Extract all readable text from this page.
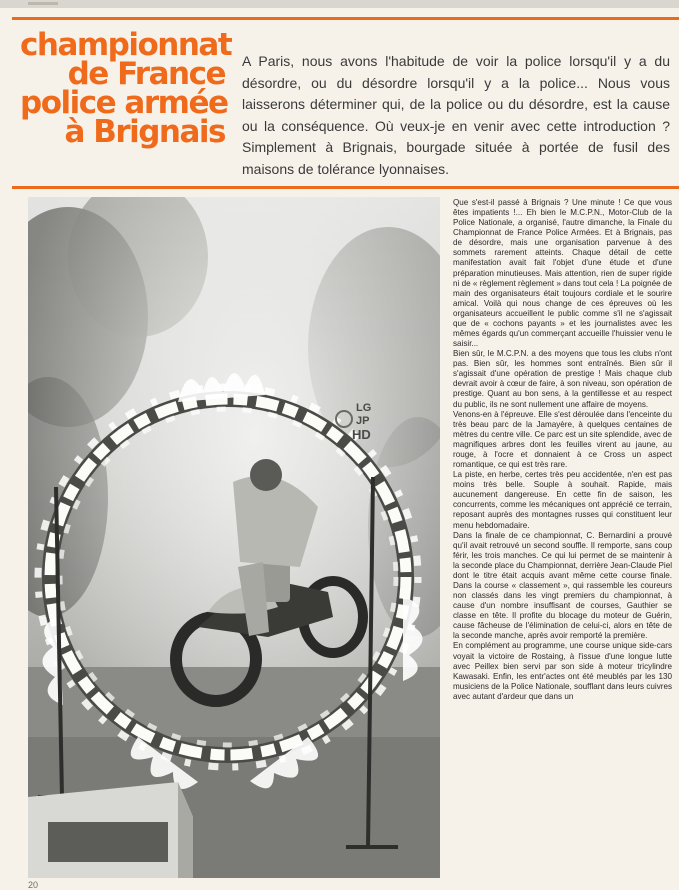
championnat
de France
police armée
à Brignais

A Paris, nous avons l'habitude de voir la police lorsqu'il y a du désordre, ou du désordre lorsqu'il y a la police... Nous vous laisserons déterminer qui, de la police ou du désordre, est la cause ou la conséquence. Où veux-je en venir avec cette introduction ? Simplement à Brignais, bourgade située à portée de fusil des maisons de tolérance lyonnaises.

LG
JP
HD

Que s'est-il passé à Brignais ? Une minute ! Ce que vous êtes impatients !... Eh bien le M.C.P.N., Motor-Club de la Police Nationale, a organisé, l'autre dimanche, la Finale du Championnat de France Police Armées. Et à Brignais, pas de désordre, mais une organisation parvenue à des sommets rarement atteints. Chaque détail de cette manifestation avait fait l'objet d'une étude et d'une préparation minutieuses. Mais attention, rien de super rigide ni de « règlement règlement » dans tout cela ! La poignée de main des organisateurs était toujours cordiale et le sourire amical. Voilà qui nous change de ces épreuves où les organisateurs accueillent le public comme s'il ne s'agissait que de « cochons payants » et les journalistes avec les mêmes égards qu'un commerçant accueille l'huissier venu le saisir...

Bien sûr, le M.C.P.N. a des moyens que tous les clubs n'ont pas. Bien sûr, les hommes sont entraînés. Bien sûr il s'agissait d'une opération de prestige ! Mais chaque club devrait avoir à cœur de faire, à son niveau, son opération de prestige. Quant au bon sens, à la gentillesse et au respect du public, ils ne sont nullement une affaire de moyens.

Venons-en à l'épreuve. Elle s'est déroulée dans l'enceinte du très beau parc de la Jamayère, à quelques centaines de mètres du centre ville. Ce parc est un site splendide, avec de magnifiques arbres dont les feuilles virent au jaune, au rouge, à l'ocre et donnaient à ce Cross un aspect romantique, ce qui est très rare.

La piste, en herbe, certes très peu accidentée, n'en est pas moins très belle. Souple à souhait. Rapide, mais aucunement dangereuse. En cette fin de saison, les concurrents, comme les mécaniques ont apprécié ce terrain, reposant auprès des montagnes russes qui constituent leur menu hebdomadaire.

Dans la finale de ce championnat, C. Bernardini a prouvé qu'il avait retrouvé un second souffle. Il remporte, sans coup férir, les trois manches. Ce qui lui permet de se maintenir à la seconde place du Championnat, derrière Jean-Claude Piel dont le titre était acquis avant même cette course finale. Dans la course « classement », qui rassemble les coureurs non classés dans les vingt premiers du championnat, à cause d'un nombre insuffisant de courses, Gauthier se classe en tête. Il profite du blocage du moteur de Guérin, cause fâcheuse de l'élimination de celui-ci, alors en tête de la seconde manche, après avoir remporté la première.

En complément au programme, une course unique side-cars voyait la victoire de Rostaing, à l'issue d'une longue lutte avec Peillex bien servi par son side à moteur tricylindre Kawasaki. Enfin, les entr'actes ont été meublés par les 130 musiciens de la Police Nationale, soufflant dans leurs cuivres avec autant d'ardeur que dans un

20
